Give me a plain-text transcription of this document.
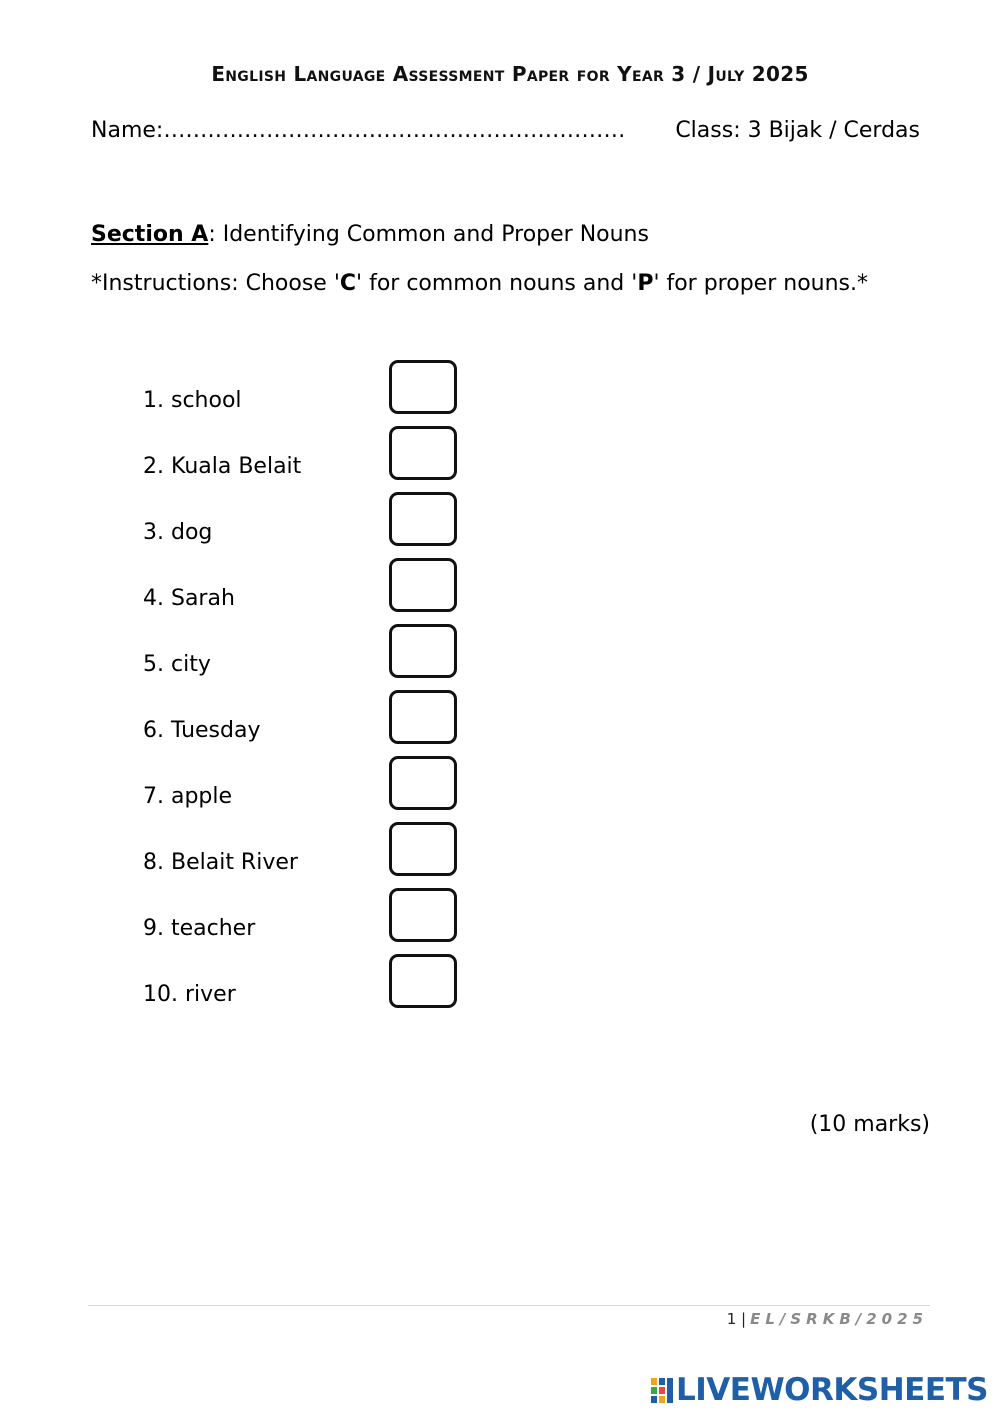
English Language Assessment Paper for Year 3 / July 2025
Name:……………………………………………………… Class: 3 Bijak / Cerdas
Section A: Identifying Common and Proper Nouns
*Instructions: Choose 'C' for common nouns and 'P' for proper nouns.*
1. school
2. Kuala Belait
3. dog
4. Sarah
5. city
6. Tuesday
7. apple
8. Belait River
9. teacher
10. river
(10 marks)
1 | EL/SRKB/2025
LIVEWORKSHEETS
